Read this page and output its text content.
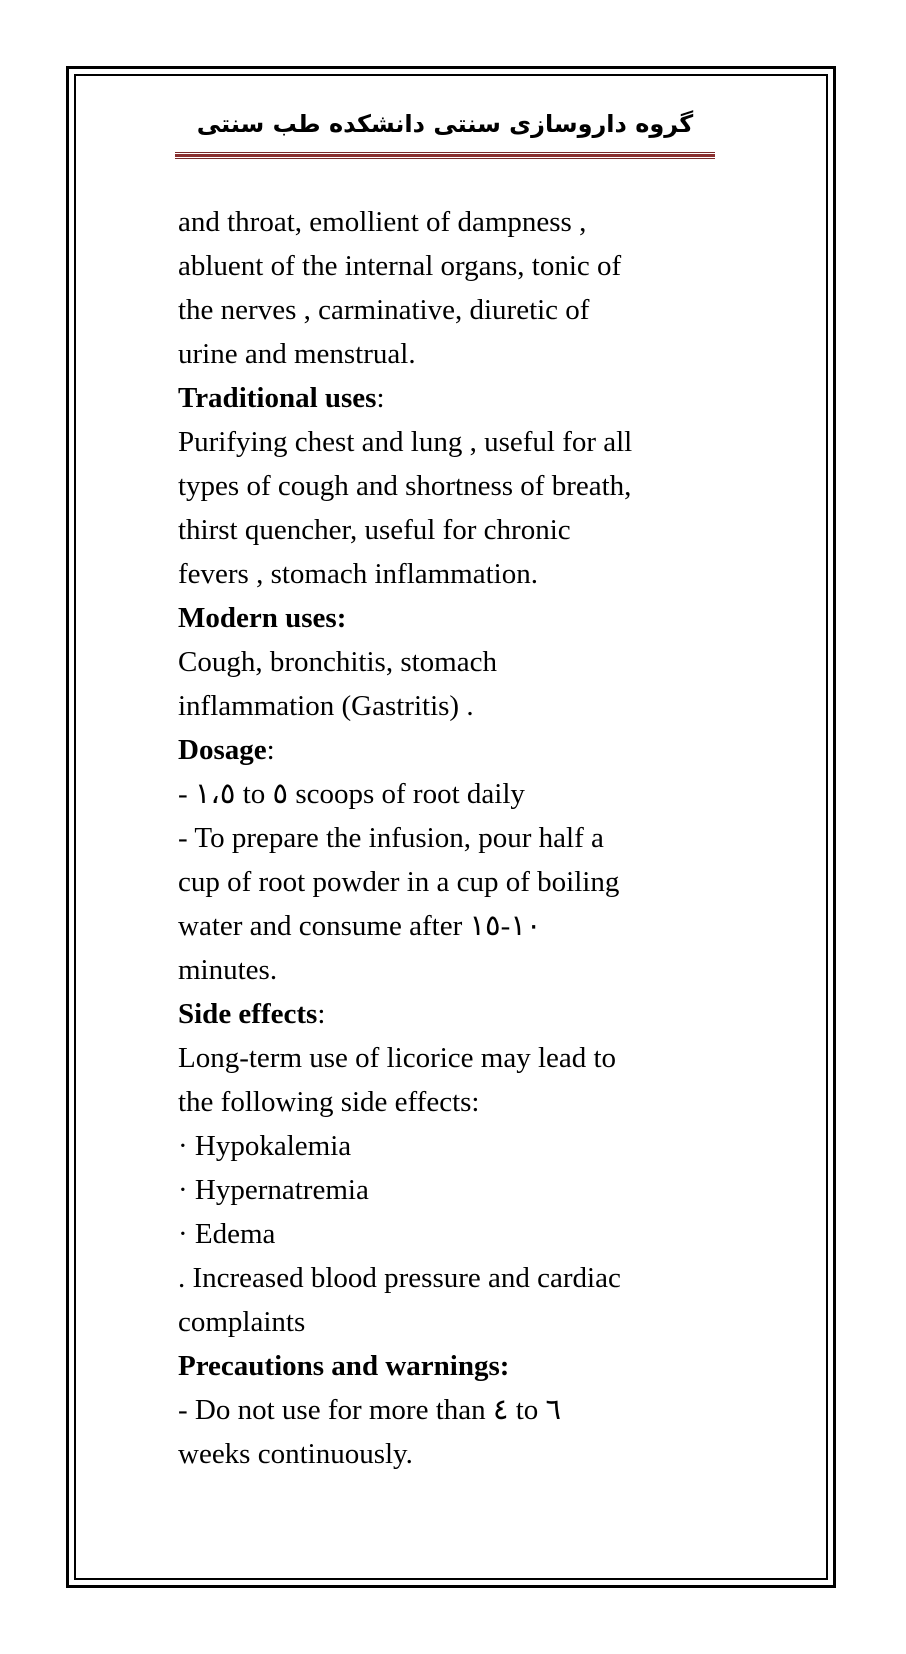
گروه داروسازی سنتی دانشکده طب سنتی

and throat, emollient of dampness ,

abluent of the internal organs, tonic of

the nerves , carminative, diuretic of

urine and menstrual.

Traditional uses:

Purifying chest and lung , useful for all

types of cough and shortness of breath,

thirst quencher, useful for chronic

fevers , stomach inflammation.

Modern uses:

Cough, bronchitis, stomach

inflammation (Gastritis) .

Dosage:

- ١،٥ to ٥ scoops of root daily

- To prepare the infusion, pour half a

cup of root powder in a cup of boiling

water and consume after ١٠-١٥

minutes.

Side effects:

Long-term use of licorice may lead to

the following side effects:

· Hypokalemia

· Hypernatremia

· Edema

. Increased blood pressure and cardiac

complaints

Precautions and warnings:

- Do not use for more than ٤ to ٦

weeks continuously.
